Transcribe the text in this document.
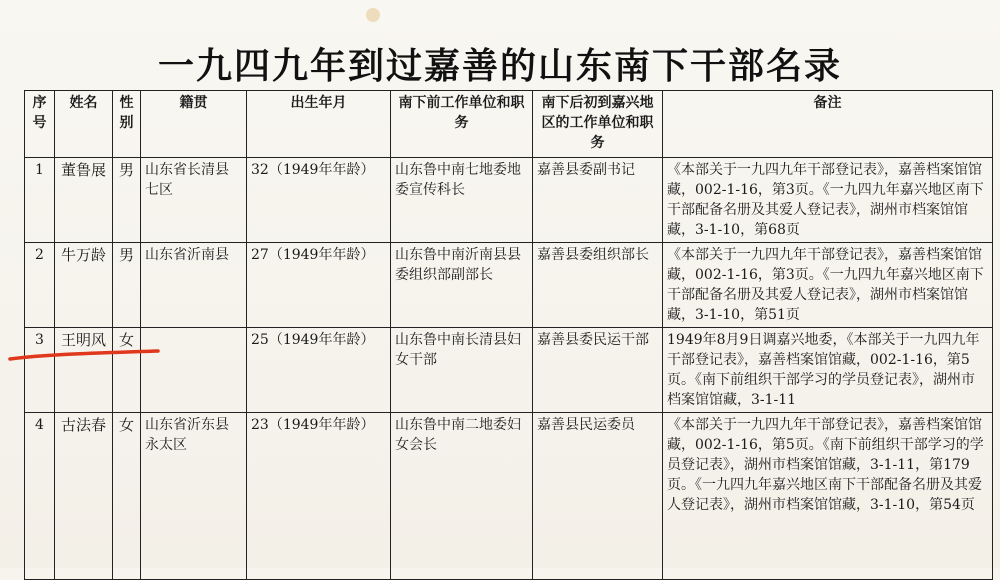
一九四九年到过嘉善的山东南下干部名录
序号	姓名	性别	籍贯	出生年月	南下前工作单位和职务	南下后初到嘉兴地区的工作单位和职务	备注
1	董鲁展	男	山东省长清县七区	32（1949年年龄）	山东鲁中南七地委地委宣传科长	嘉善县委副书记	《本部关于一九四九年干部登记表》，嘉善档案馆馆藏，002-1-16，第3页。《一九四九年嘉兴地区南下干部配备名册及其爱人登记表》，湖州市档案馆馆藏，3-1-10，第68页
2	牛万龄	男	山东省沂南县	27（1949年年龄）	山东鲁中南沂南县县委组织部副部长	嘉善县委组织部长	《本部关于一九四九年干部登记表》，嘉善档案馆馆藏，002-1-16，第3页。《一九四九年嘉兴地区南下干部配备名册及其爱人登记表》，湖州市档案馆馆藏，3-1-10，第51页
3	王明风	女		25（1949年年龄）	山东鲁中南长清县妇女干部	嘉善县委民运干部	1949年8月9日调嘉兴地委，《本部关于一九四九年干部登记表》，嘉善档案馆馆藏，002-1-16，第5页。《南下前组织干部学习的学员登记表》，湖州市档案馆馆藏，3-1-11
4	古法春	女	山东省沂东县永太区	23（1949年年龄）	山东鲁中南二地委妇女会长	嘉善县民运委员	《本部关于一九四九年干部登记表》，嘉善档案馆馆藏，002-1-16，第5页。《南下前组织干部学习的学员登记表》，湖州市档案馆馆藏，3-1-11，第179页。《一九四九年嘉兴地区南下干部配备名册及其爱人登记表》，湖州市档案馆馆藏，3-1-10，第54页
